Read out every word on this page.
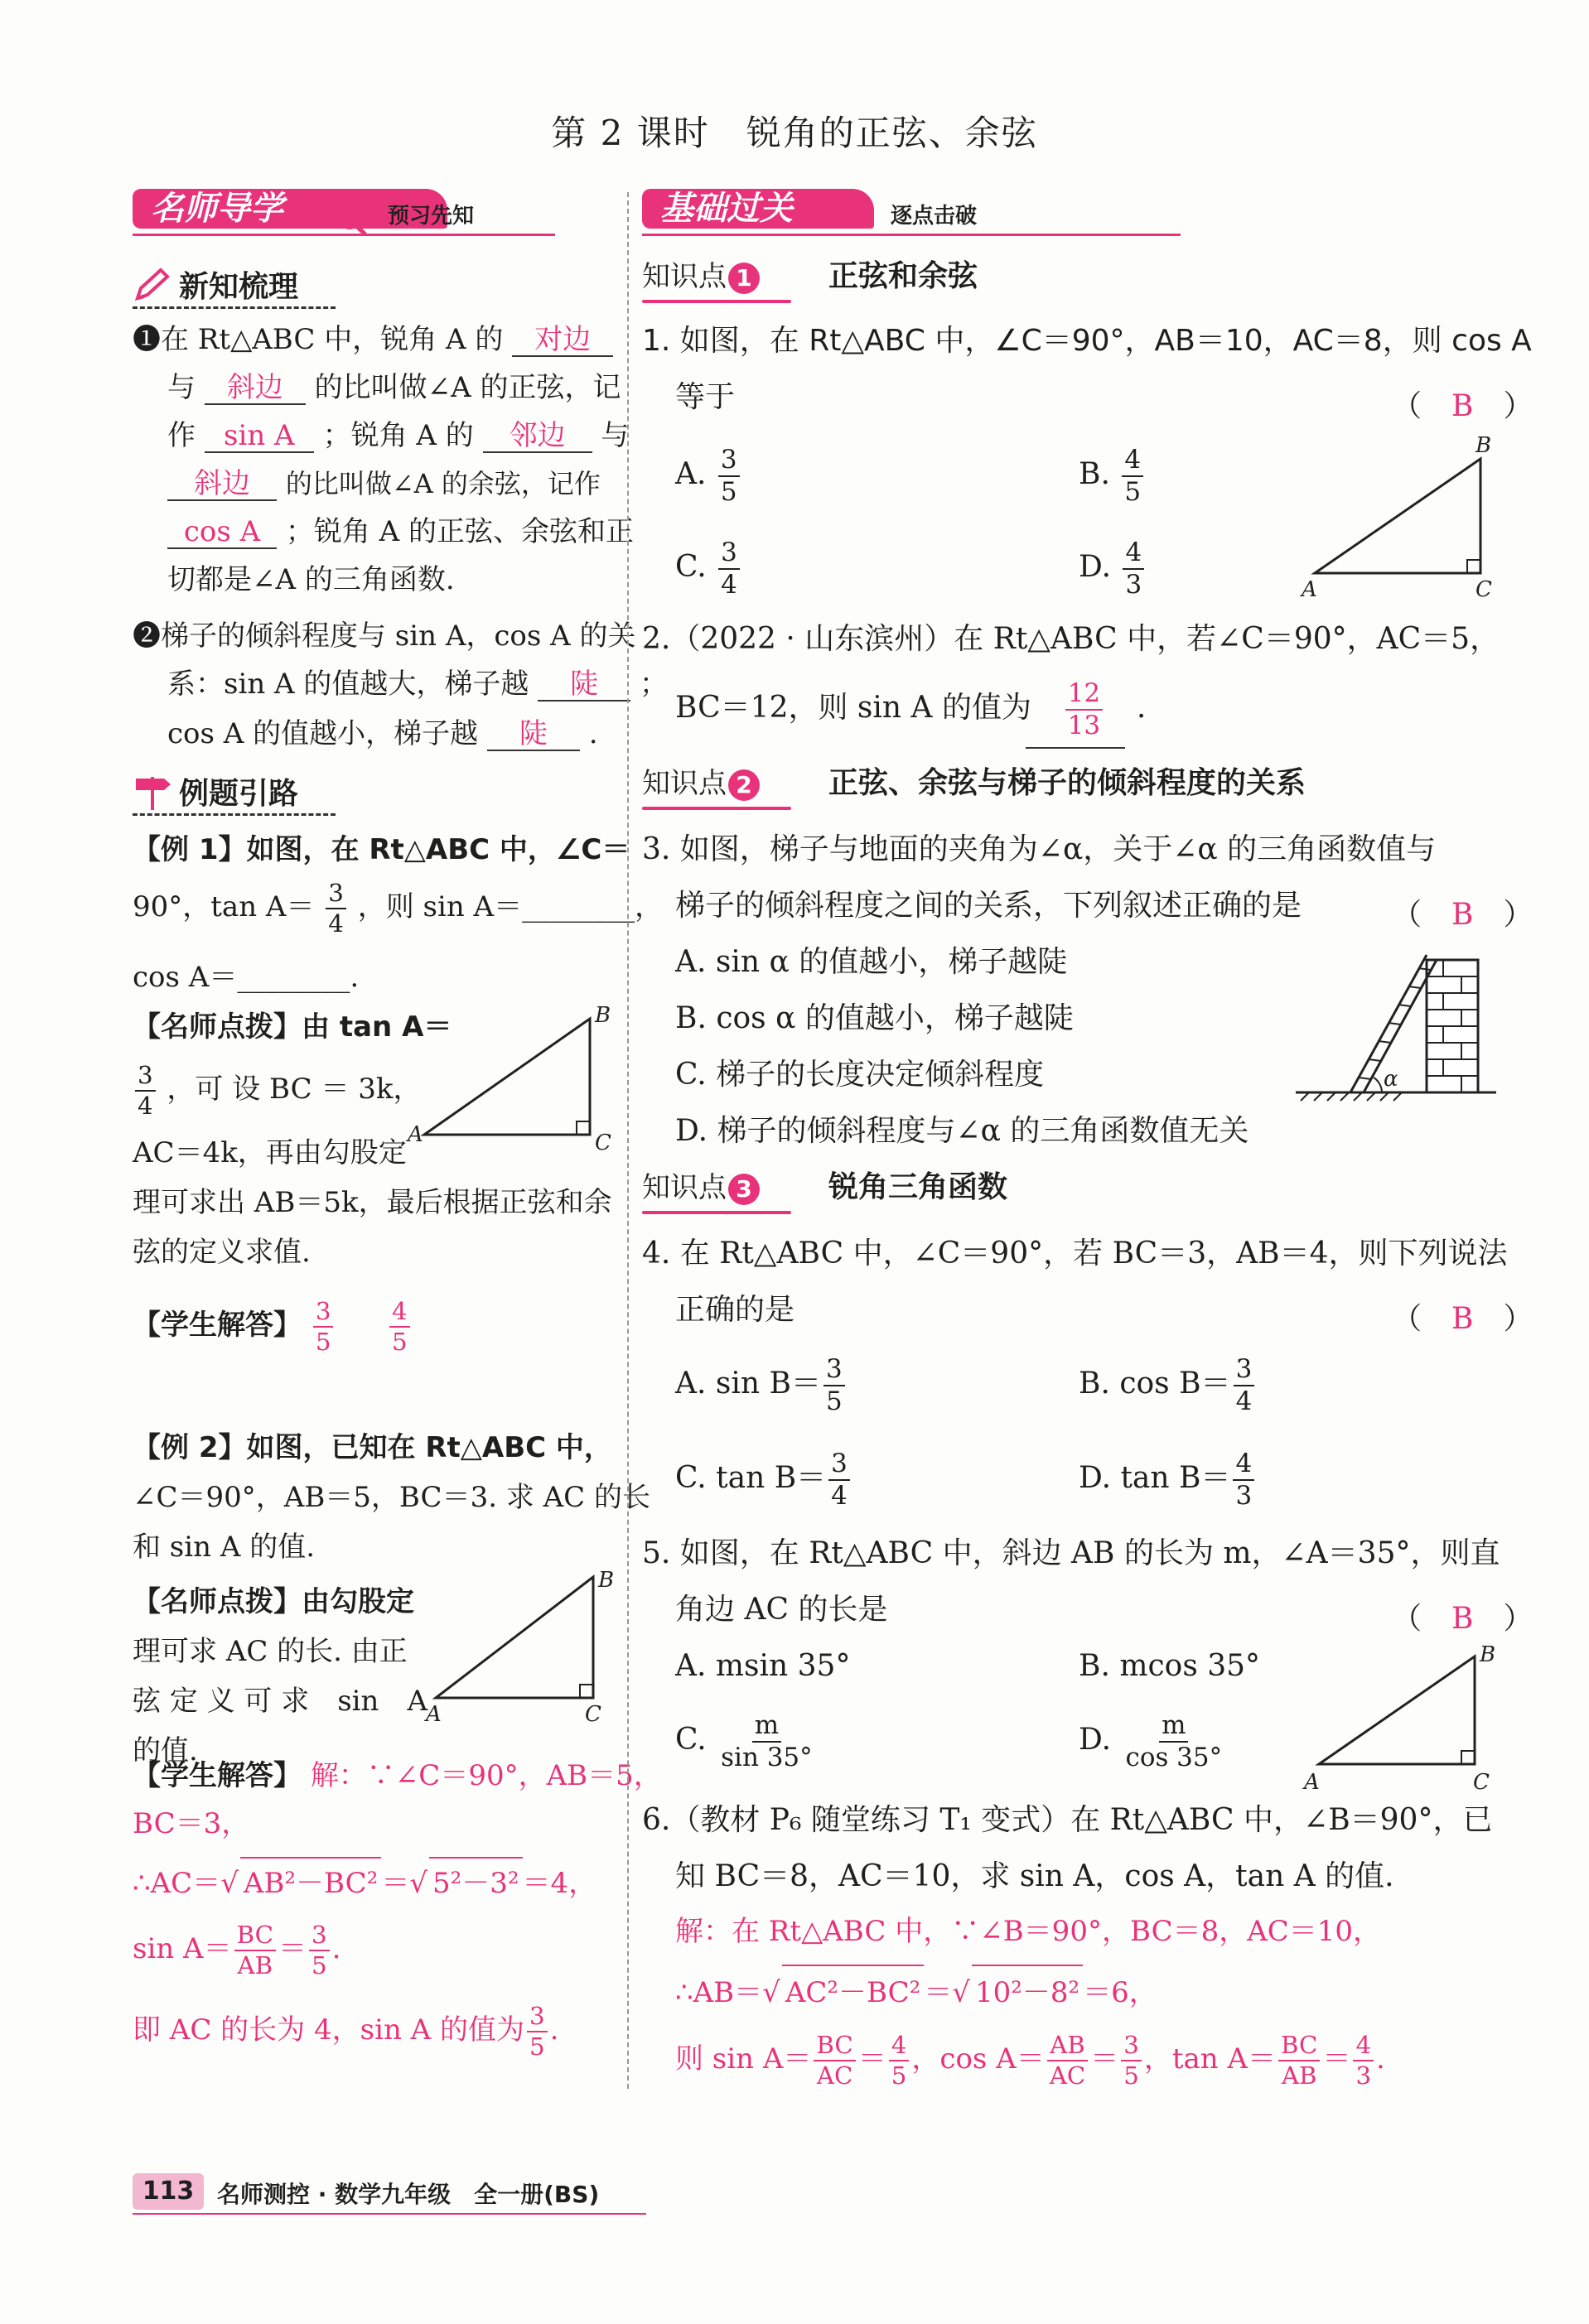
第 2 课时　锐角的正弦、余弦
名师导学	预习先知
新知梳理
❶在 Rt△ABC 中，锐角 A 的 对边
与 斜边 的比叫做∠A 的正弦，记
作 sin A ；锐角 A 的 邻边 与
斜边 的比叫做∠A 的余弦，记作
cos A ；锐角 A 的正弦、余弦和正
切都是∠A 的三角函数.
❷梯子的倾斜程度与 sin A，cos A 的关
系：sin A 的值越大，梯子越 陡 ；
cos A 的值越小，梯子越 陡 .
例题引路
【例 1】如图，在 Rt△ABC 中，∠C＝
90°，$\tan A= \frac{3}{4}$ ，则 sin A＝________，
cos A＝________.
【名师点拨】由 tan A＝
$\frac{3}{4}$ ，可 设 BC ＝ 3k，
AC＝4k，再由勾股定
理可求出 AB＝5k，最后根据正弦和余
弦的定义求值.
A
B
C
【学生解答】 $\frac{3}{5}$
$\frac{4}{5}$
【例 2】如图，已知在 Rt△ABC 中，
∠C＝90°，AB＝5，BC＝3. 求 AC 的长
和 sin A 的值.
【名师点拨】由勾股定
理可求 AC 的长. 由正
弦 定 义 可 求　sin　A
的值.
A
B
C
【学生解答】 解：∵∠C＝90°，AB＝5，
BC＝3，
∴AC＝√ AB²－BC² ＝√ 5²－3² ＝4，
$\sin A= \frac{BC}{AB} = \frac{3}{5}$ .
即 AC 的长为 4，sin A 的值为 $\frac{3}{5}$ .
基础过关	逐点击破
知识点 1	正弦和余弦
1. 如图，在 Rt△ABC 中，∠C＝90°，AB＝10，AC＝8，则 cos A
等于	（　B　）
A. $\frac{3}{5}$	B. $\frac{4}{5}$
C. $\frac{3}{4}$	D. $\frac{4}{3}$	A
B
C
2.（2022 · 山东滨州）在 Rt△ABC 中，若∠C＝90°，AC＝5，
BC＝12，则 sin A 的值为 $\frac{12}{13}$ .
知识点 2	正弦、余弦与梯子的倾斜程度的关系
3. 如图，梯子与地面的夹角为∠α，关于∠α 的三角函数值与
梯子的倾斜程度之间的关系，下列叙述正确的是	（　B　）
A. sin α 的值越小，梯子越陡
B. cos α 的值越小，梯子越陡
C. 梯子的长度决定倾斜程度
D. 梯子的倾斜程度与∠α 的三角函数值无关
α
知识点 3	锐角三角函数
4. 在 Rt△ABC 中，∠C＝90°，若 BC＝3，AB＝4，则下列说法
正确的是	（　B　）
A. $\sin B= \frac{3}{5}$	B. $\cos B= \frac{3}{4}$
C. $\tan B= \frac{3}{4}$	D. $\tan B= \frac{4}{3}$
5. 如图，在 Rt△ABC 中，斜边 AB 的长为 m，∠A＝35°，则直
角边 AC 的长是	（　B　）
A. msin 35°	B. mcos 35°
C. $\frac{m}{\sin 35^\circ}$	D. $\frac{m}{\cos 35^\circ}$
A
B
C
6.（教材 P₆ 随堂练习 T₁ 变式）在 Rt△ABC 中，∠B＝90°，已
知 BC＝8，AC＝10，求 sin A，cos A，tan A 的值.
解：在 Rt△ABC 中，∵∠B＝90°，BC＝8，AC＝10，
∴AB＝√ AC²－BC² ＝√ 10²－8² ＝6，
则 $\sin A= \frac{BC}{AC} = \frac{4}{5}$ ，$\cos A= \frac{AB}{AC} = \frac{3}{5}$ ，$\tan A= \frac{BC}{AB} = \frac{4}{3}$ .
113 名师测控 · 数学九年级　全一册(BS)
